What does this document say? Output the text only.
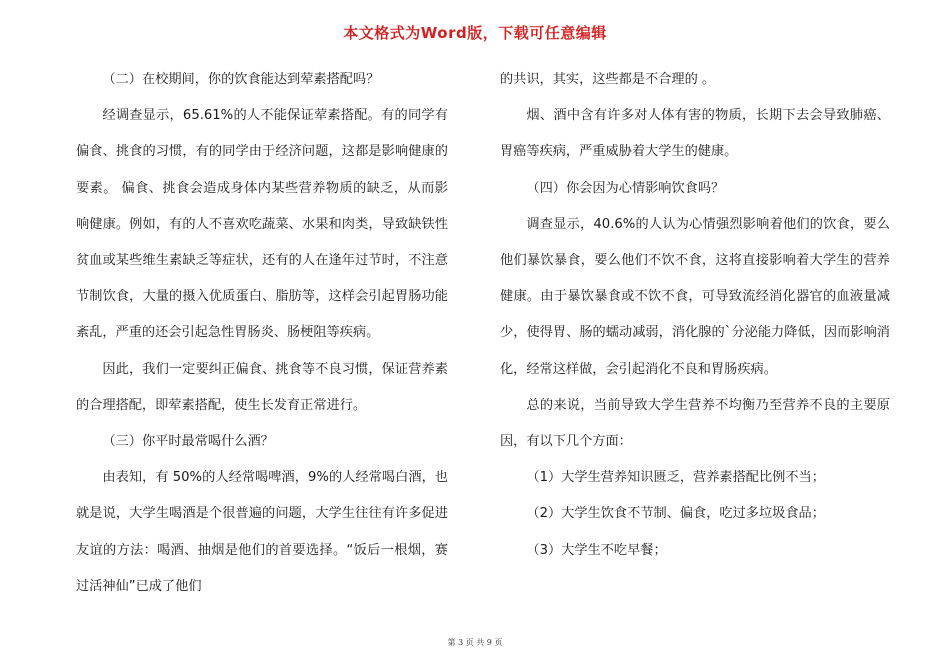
本文格式为Word版，下载可任意编辑

（二）在校期间，你的饮食能达到荤素搭配吗？

经调查显示，65.61%的人不能保证荤素搭配。有的同学有偏食、挑食的习惯，有的同学由于经济问题，这都是影响健康的要素。 偏食、挑食会造成身体内某些营养物质的缺乏，从而影响健康。例如，有的人不喜欢吃蔬菜、水果和肉类，导致缺铁性贫血或某些维生素缺乏等症状，还有的人在逢年过节时，不注意节制饮食，大量的摄入优质蛋白、脂肪等，这样会引起胃肠功能紊乱，严重的还会引起急性胃肠炎、肠梗阻等疾病。

因此，我们一定要纠正偏食、挑食等不良习惯，保证营养素的合理搭配，即荤素搭配，使生长发育正常进行。

（三）你平时最常喝什么酒？

由表知，有 50%的人经常喝啤酒，9%的人经常喝白酒，也就是说，大学生喝酒是个很普遍的问题，大学生往往有许多促进友谊的方法：喝酒、抽烟是他们的首要选择。“饭后一根烟，赛过活神仙”已成了他们

的共识，其实，这些都是不合理的 。

烟、酒中含有许多对人体有害的物质，长期下去会导致肺癌、胃癌等疾病，严重威胁着大学生的健康。

（四）你会因为心情影响饮食吗？

调查显示，40.6%的人认为心情强烈影响着他们的饮食，要么他们暴饮暴食，要么他们不饮不食，这将直接影响着大学生的营养健康。由于暴饮暴食或不饮不食，可导致流经消化器官的血液量减少，使得胃、肠的蠕动减弱，消化腺的`分泌能力降低，因而影响消化，经常这样做，会引起消化不良和胃肠疾病。

总的来说，当前导致大学生营养不均衡乃至营养不良的主要原因，有以下几个方面：

（1）大学生营养知识匮乏，营养素搭配比例不当；

（2）大学生饮食不节制、偏食，吃过多垃圾食品；

（3）大学生不吃早餐；

第 3 页 共 9 页
